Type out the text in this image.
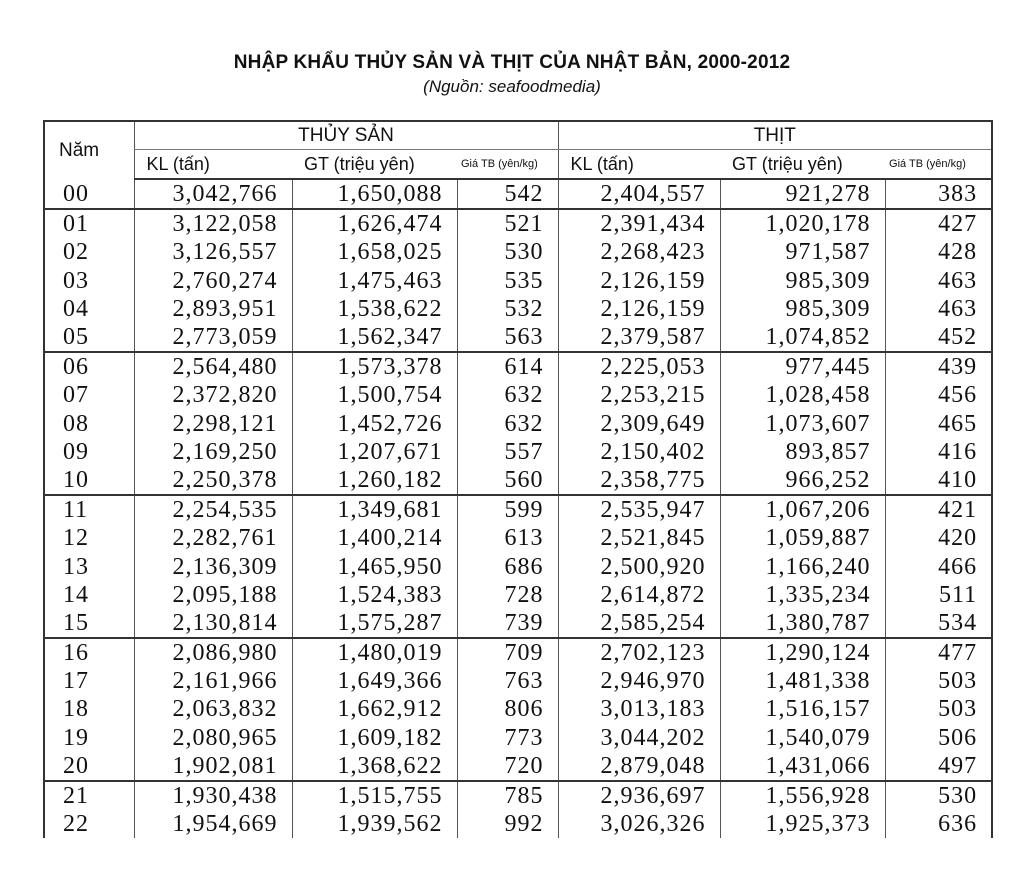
NHẬP KHẨU THỦY SẢN VÀ THỊT CỦA NHẬT BẢN, 2000-2012
(Nguồn: seafoodmedia)
Năm	THỦY SẢN			THỊT		
	KL (tấn)	GT (triệu yên)	Giá TB (yên/kg)	KL (tấn)	GT (triệu yên)	Giá TB (yên/kg)
00	3,042,766	1,650,088	542	2,404,557	921,278	383
01	3,122,058	1,626,474	521	2,391,434	1,020,178	427
02	3,126,557	1,658,025	530	2,268,423	971,587	428
03	2,760,274	1,475,463	535	2,126,159	985,309	463
04	2,893,951	1,538,622	532	2,126,159	985,309	463
05	2,773,059	1,562,347	563	2,379,587	1,074,852	452
06	2,564,480	1,573,378	614	2,225,053	977,445	439
07	2,372,820	1,500,754	632	2,253,215	1,028,458	456
08	2,298,121	1,452,726	632	2,309,649	1,073,607	465
09	2,169,250	1,207,671	557	2,150,402	893,857	416
10	2,250,378	1,260,182	560	2,358,775	966,252	410
11	2,254,535	1,349,681	599	2,535,947	1,067,206	421
12	2,282,761	1,400,214	613	2,521,845	1,059,887	420
13	2,136,309	1,465,950	686	2,500,920	1,166,240	466
14	2,095,188	1,524,383	728	2,614,872	1,335,234	511
15	2,130,814	1,575,287	739	2,585,254	1,380,787	534
16	2,086,980	1,480,019	709	2,702,123	1,290,124	477
17	2,161,966	1,649,366	763	2,946,970	1,481,338	503
18	2,063,832	1,662,912	806	3,013,183	1,516,157	503
19	2,080,965	1,609,182	773	3,044,202	1,540,079	506
20	1,902,081	1,368,622	720	2,879,048	1,431,066	497
21	1,930,438	1,515,755	785	2,936,697	1,556,928	530
22	1,954,669	1,939,562	992	3,026,326	1,925,373	636
